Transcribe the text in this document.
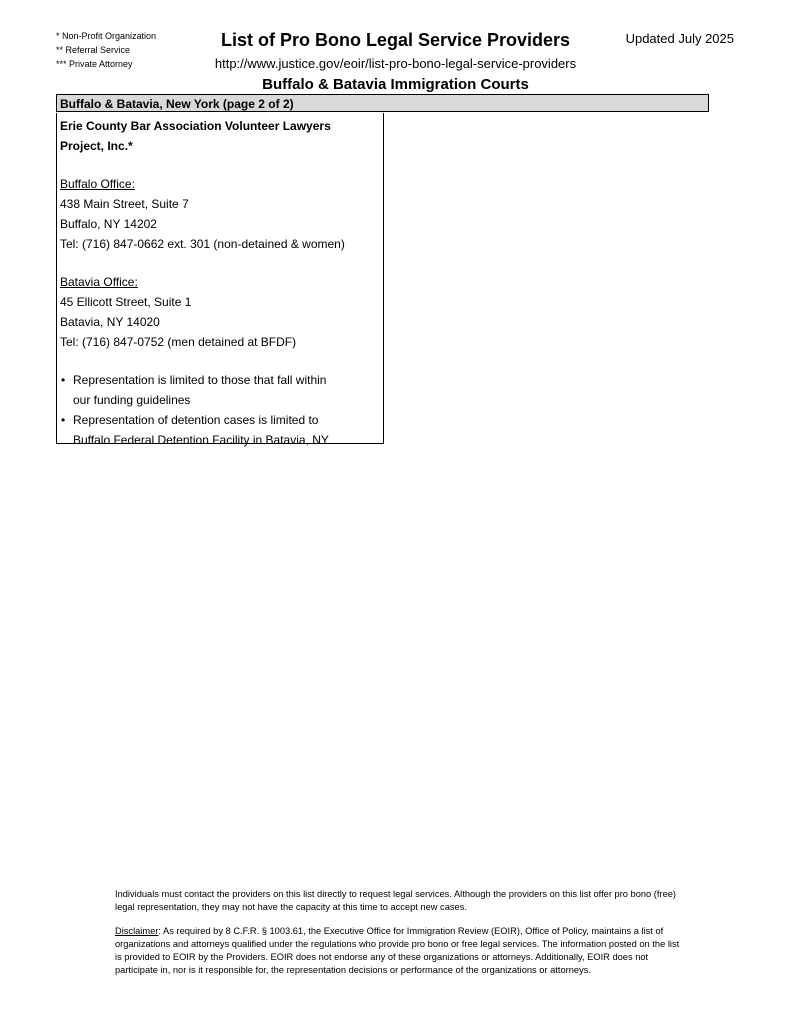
* Non-Profit Organization
** Referral Service
*** Private Attorney
List of Pro Bono Legal Service Providers	Updated July 2025
http://www.justice.gov/eoir/list-pro-bono-legal-service-providers
Buffalo & Batavia Immigration Courts
Buffalo & Batavia, New York (page 2 of 2)
Erie County Bar Association Volunteer Lawyers
Project, Inc.*
Buffalo Office:
438 Main Street, Suite 7
Buffalo, NY 14202
Tel: (716) 847-0662 ext. 301 (non-detained & women)
Batavia Office:
45 Ellicott Street, Suite 1
Batavia, NY 14020
Tel: (716) 847-0752 (men detained at BFDF)
• Representation is limited to those that fall within
our funding guidelines
• Representation of detention cases is limited to
Buffalo Federal Detention Facility in Batavia, NY

Individuals must contact the providers on this list directly to request legal services. Although the providers on this list offer pro bono (free) legal representation, they may not have the capacity at this time to accept new cases.

Disclaimer: As required by 8 C.F.R. § 1003.61, the Executive Office for Immigration Review (EOIR), Office of Policy, maintains a list of organizations and attorneys qualified under the regulations who provide pro bono or free legal services. The information posted on the list is provided to EOIR by the Providers. EOIR does not endorse any of these organizations or attorneys. Additionally, EOIR does not participate in, nor is it responsible for, the representation decisions or performance of the organizations or attorneys.
